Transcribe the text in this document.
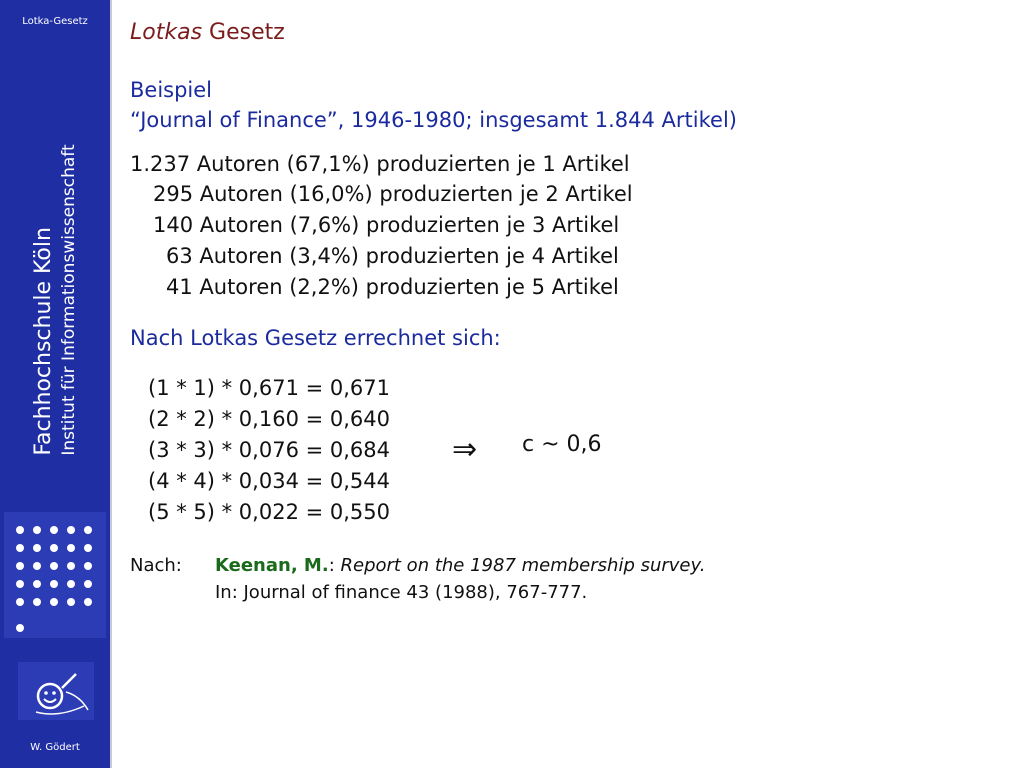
Lotka-Gesetz
Fachhochschule Köln Institut für Informationswissenschaft
W. Gödert
Lotkas Gesetz
Beispiel
“Journal of Finance”, 1946-1980; insgesamt 1.844 Artikel)
1.237 Autoren (67,1%) produzierten je 1 Artikel
295 Autoren (16,0%) produzierten je 2 Artikel
140 Autoren (7,6%) produzierten je 3 Artikel
63 Autoren (3,4%) produzierten je 4 Artikel
41 Autoren (2,2%) produzierten je 5 Artikel
Nach Lotkas Gesetz errechnet sich:
(1 * 1) * 0,671 = 0,671
(2 * 2) * 0,160 = 0,640
(3 * 3) * 0,076 = 0,684
(4 * 4) * 0,034 = 0,544
(5 * 5) * 0,022 = 0,550
⇒ c ~ 0,6
Nach: Keenan, M.: Report on the 1987 membership survey.
In: Journal of finance 43 (1988), 767-777.
